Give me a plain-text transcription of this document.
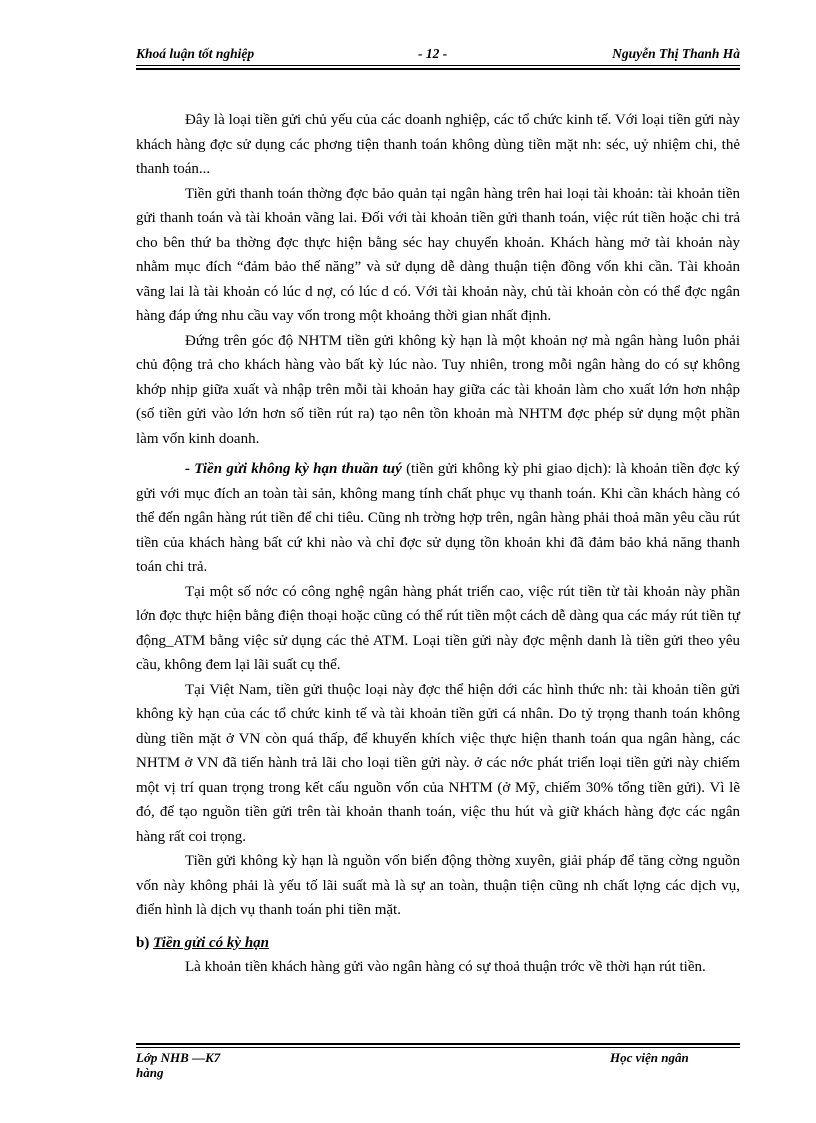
Khoá luận tốt nghiệp	- 12 -	Nguyễn Thị Thanh Hà

Đây là loại tiền gửi chủ yếu của các doanh nghiệp, các tổ chức kinh tế. Với loại tiền gửi này khách hàng đợc sử dụng các phơng tiện thanh toán không dùng tiền mặt nh: séc, uỷ nhiệm chi, thẻ thanh toán...

Tiền gửi thanh toán thờng đợc bảo quản tại ngân hàng trên hai loại tài khoản: tài khoản tiền gửi thanh toán và tài khoản vãng lai. Đối với tài khoản tiền gửi thanh toán, việc rút tiền hoặc chi trả cho bên thứ ba thờng đợc thực hiện bằng séc hay chuyển khoản. Khách hàng mở tài khoản này nhằm mục đích “đảm bảo thế năng” và sử dụng dễ dàng thuận tiện đồng vốn khi cần. Tài khoản vãng lai là tài khoản có lúc d nợ, có lúc d có. Với tài khoản này, chủ tài khoản còn có thể đợc ngân hàng đáp ứng nhu cầu vay vốn trong một khoảng thời gian nhất định.

Đứng trên góc độ NHTM tiền gửi không kỳ hạn là một khoản nợ mà ngân hàng luôn phải chủ động trả cho khách hàng vào bất kỳ lúc nào. Tuy nhiên, trong mỗi ngân hàng do có sự không khớp nhịp giữa xuất và nhập trên mỗi tài khoản hay giữa các tài khoản làm cho xuất lớn hơn nhập (số tiền gửi vào lớn hơn số tiền rút ra) tạo nên tồn khoản mà NHTM đợc phép sử dụng một phần làm vốn kinh doanh.

- Tiền gửi không kỳ hạn thuần tuý (tiền gửi không kỳ phi giao dịch): là khoản tiền đợc ký gửi với mục đích an toàn tài sản, không mang tính chất phục vụ thanh toán. Khi cần khách hàng có thể đến ngân hàng rút tiền để chi tiêu. Cũng nh trờng hợp trên, ngân hàng phải thoả mãn yêu cầu rút tiền của khách hàng bất cứ khi nào và chỉ đợc sử dụng tồn khoản khi đã đảm bảo khả năng thanh toán chi trả.

Tại một số nớc có công nghệ ngân hàng phát triển cao, việc rút tiền từ tài khoản này phần lớn đợc thực hiện bằng điện thoại hoặc cũng có thể rút tiền một cách dễ dàng qua các máy rút tiền tự động_ATM bằng việc sử dụng các thẻ ATM. Loại tiền gửi này đợc mệnh danh là tiền gửi theo yêu cầu, không đem lại lãi suất cụ thể.

Tại Việt Nam, tiền gửi thuộc loại này đợc thể hiện dới các hình thức nh: tài khoản tiền gửi không kỳ hạn của các tổ chức kinh tế và tài khoản tiền gửi cá nhân. Do tỷ trọng thanh toán không dùng tiền mặt ở VN còn quá thấp, để khuyến khích việc thực hiện thanh toán qua ngân hàng, các NHTM ở VN đã tiến hành trả lãi cho loại tiền gửi này. ở các nớc phát triển loại tiền gửi này chiếm một vị trí quan trọng trong kết cấu nguồn vốn của NHTM (ở Mỹ, chiếm 30% tổng tiền gửi). Vì lẽ đó, để tạo nguồn tiền gửi trên tài khoản thanh toán, việc thu hút và giữ khách hàng đợc các ngân hàng rất coi trọng.

Tiền gửi không kỳ hạn là nguồn vốn biến động thờng xuyên, giải pháp để tăng cờng nguồn vốn này không phải là yếu tố lãi suất mà là sự an toàn, thuận tiện cũng nh chất lợng các dịch vụ, điển hình là dịch vụ thanh toán phi tiền mặt.

b) Tiền gửi có kỳ hạn

Là khoản tiền khách hàng gửi vào ngân hàng có sự thoả thuận trớc về thời hạn rút tiền.

Lớp NHB —K7 hàng
Học viện ngân
